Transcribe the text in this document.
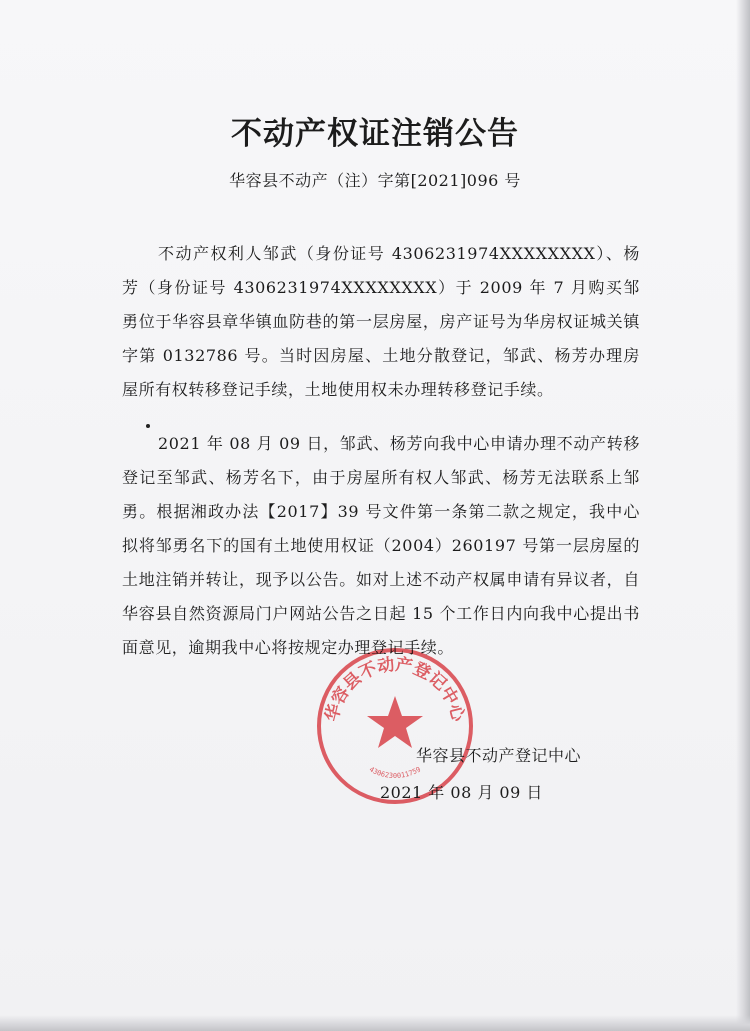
不动产权证注销公告
华容县不动产（注）字第[2021]096 号
不动产权利人邹武（身份证号 4306231974XXXXXXXX）、杨芳（身份证号 4306231974XXXXXXXX）于 2009 年 7 月购买邹勇位于华容县章华镇血防巷的第一层房屋，房产证号为华房权证城关镇字第 0132786 号。当时因房屋、土地分散登记，邹武、杨芳办理房屋所有权转移登记手续，土地使用权未办理转移登记手续。
2021 年 08 月 09 日，邹武、杨芳向我中心申请办理不动产转移登记至邹武、杨芳名下，由于房屋所有权人邹武、杨芳无法联系上邹勇。根据湘政办法【2017】39 号文件第一条第二款之规定，我中心拟将邹勇名下的国有土地使用权证（2004）260197 号第一层房屋的土地注销并转让，现予以公告。如对上述不动产权属申请有异议者，自华容县自然资源局门户网站公告之日起 15 个工作日内向我中心提出书面意见，逾期我中心将按规定办理登记手续。
华容县不动产登记中心
4306230011759
华容县不动产登记中心
2021 年 08 月 09 日
